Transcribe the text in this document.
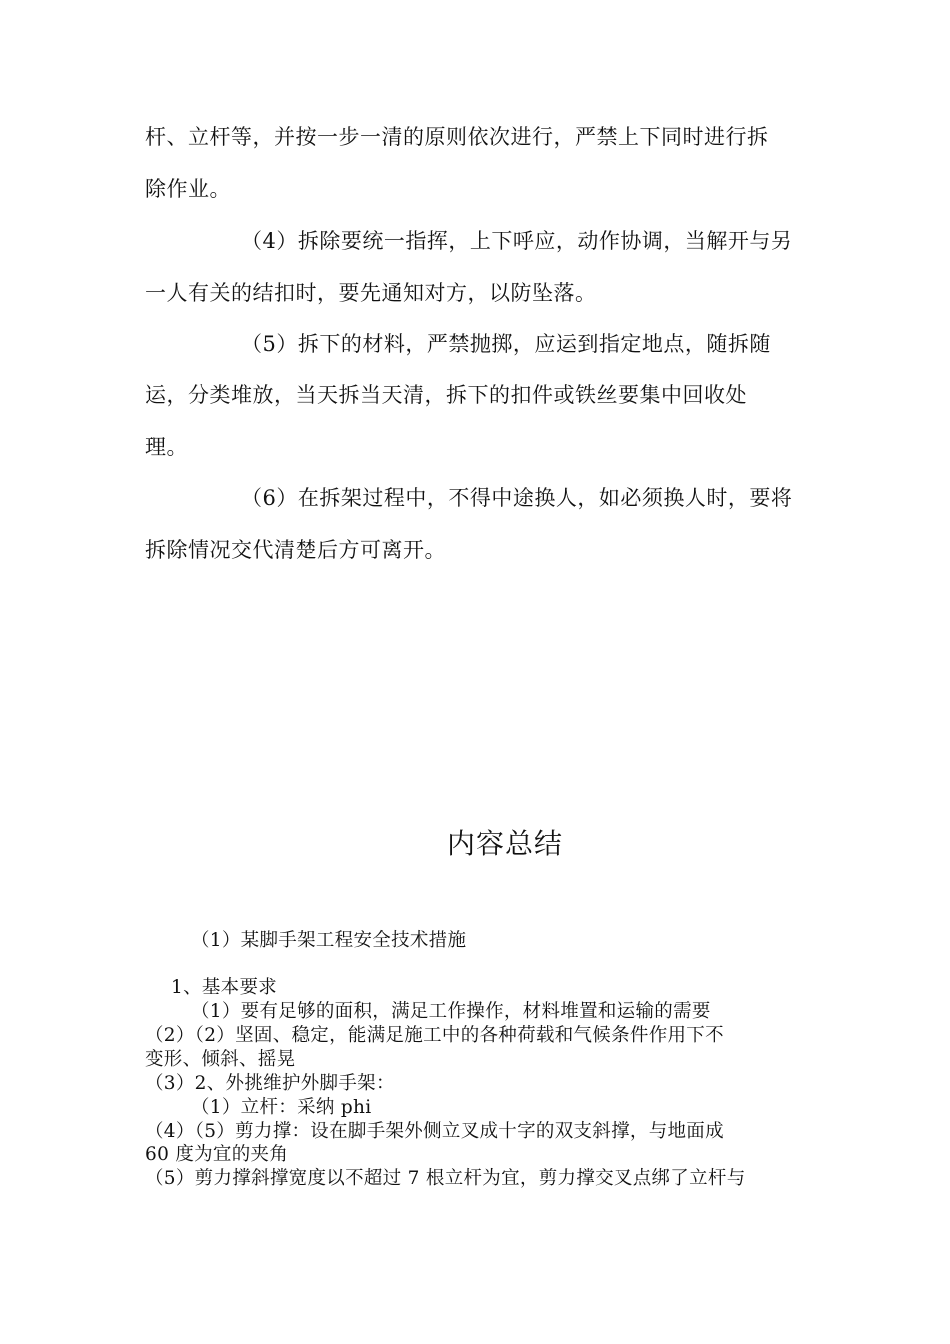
杆、立杆等，并按一步一清的原则依次进行，严禁上下同时进行拆
除作业。
（4）拆除要统一指挥，上下呼应，动作协调，当解开与另
一人有关的结扣时，要先通知对方，以防坠落。
（5）拆下的材料，严禁抛掷，应运到指定地点，随拆随
运，分类堆放，当天拆当天清，拆下的扣件或铁丝要集中回收处
理。
（6）在拆架过程中，不得中途换人，如必须换人时，要将
拆除情况交代清楚后方可离开。
内容总结
（1）某脚手架工程安全技术措施
1、基本要求
（1）要有足够的面积，满足工作操作，材料堆置和运输的需要
（2）（2）坚固、稳定，能满足施工中的各种荷载和气候条件作用下不
变形、倾斜、摇晃
（3）2、外挑维护外脚手架：
（1）立杆：采纳 phi
（4）（5）剪力撑：设在脚手架外侧立叉成十字的双支斜撑，与地面成
60 度为宜的夹角
（5）剪力撑斜撑宽度以不超过 7 根立杆为宜，剪力撑交叉点绑了立杆与
